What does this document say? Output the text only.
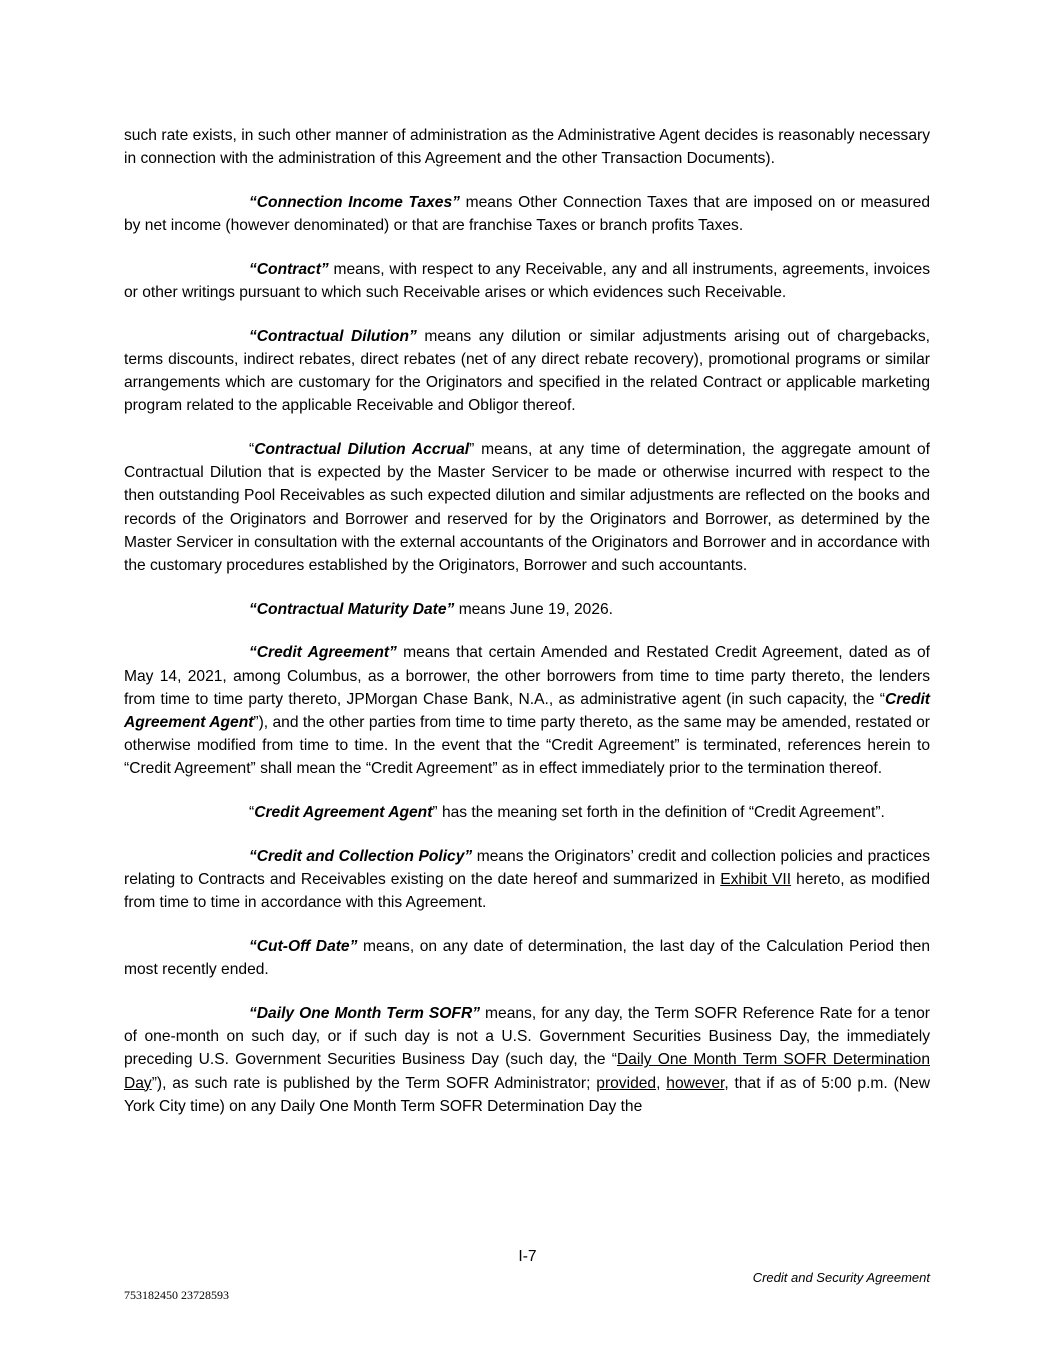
such rate exists, in such other manner of administration as the Administrative Agent decides is reasonably necessary in connection with the administration of this Agreement and the other Transaction Documents).

“Connection Income Taxes” means Other Connection Taxes that are imposed on or measured by net income (however denominated) or that are franchise Taxes or branch profits Taxes.

“Contract” means, with respect to any Receivable, any and all instruments, agreements, invoices or other writings pursuant to which such Receivable arises or which evidences such Receivable.

“Contractual Dilution” means any dilution or similar adjustments arising out of chargebacks, terms discounts, indirect rebates, direct rebates (net of any direct rebate recovery), promotional programs or similar arrangements which are customary for the Originators and specified in the related Contract or applicable marketing program related to the applicable Receivable and Obligor thereof.

“Contractual Dilution Accrual” means, at any time of determination, the aggregate amount of Contractual Dilution that is expected by the Master Servicer to be made or otherwise incurred with respect to the then outstanding Pool Receivables as such expected dilution and similar adjustments are reflected on the books and records of the Originators and Borrower and reserved for by the Originators and Borrower, as determined by the Master Servicer in consultation with the external accountants of the Originators and Borrower and in accordance with the customary procedures established by the Originators, Borrower and such accountants.

“Contractual Maturity Date” means June 19, 2026.

“Credit Agreement” means that certain Amended and Restated Credit Agreement, dated as of May 14, 2021, among Columbus, as a borrower, the other borrowers from time to time party thereto, the lenders from time to time party thereto, JPMorgan Chase Bank, N.A., as administrative agent (in such capacity, the “Credit Agreement Agent”), and the other parties from time to time party thereto, as the same may be amended, restated or otherwise modified from time to time. In the event that the “Credit Agreement” is terminated, references herein to “Credit Agreement” shall mean the “Credit Agreement” as in effect immediately prior to the termination thereof.

“Credit Agreement Agent” has the meaning set forth in the definition of “Credit Agreement”.

“Credit and Collection Policy” means the Originators’ credit and collection policies and practices relating to Contracts and Receivables existing on the date hereof and summarized in Exhibit VII hereto, as modified from time to time in accordance with this Agreement.

“Cut-Off Date” means, on any date of determination, the last day of the Calculation Period then most recently ended.

“Daily One Month Term SOFR” means, for any day, the Term SOFR Reference Rate for a tenor of one-month on such day, or if such day is not a U.S. Government Securities Business Day, the immediately preceding U.S. Government Securities Business Day (such day, the “Daily One Month Term SOFR Determination Day”), as such rate is published by the Term SOFR Administrator; provided, however, that if as of 5:00 p.m. (New York City time) on any Daily One Month Term SOFR Determination Day the

I-7
Credit and Security Agreement
753182450 23728593
